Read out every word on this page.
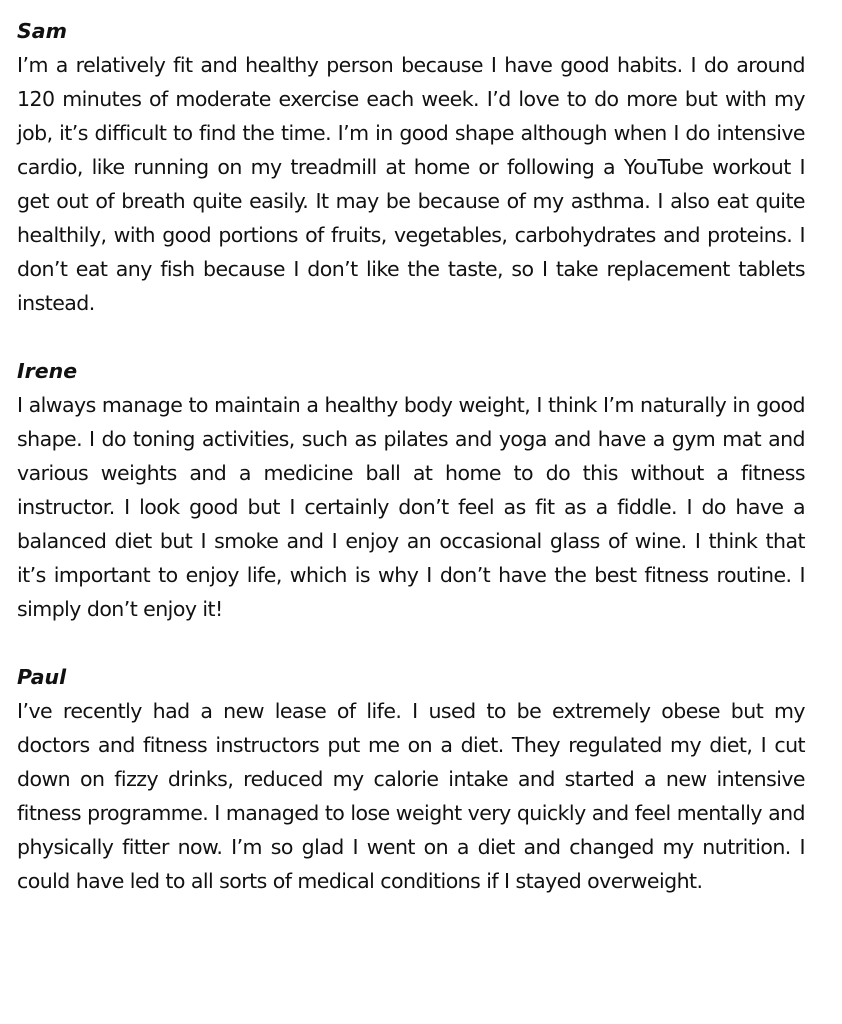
Sam

I’m a relatively fit and healthy person because I have good habits. I do around 120 minutes of moderate exercise each week. I’d love to do more but with my job, it’s difficult to find the time. I’m in good shape although when I do intensive cardio, like running on my treadmill at home or following a YouTube workout I get out of breath quite easily. It may be because of my asthma. I also eat quite healthily, with good portions of fruits, vegetables, carbohydrates and proteins. I don’t eat any fish because I don’t like the taste, so I take replacement tablets instead.

Irene

I always manage to maintain a healthy body weight, I think I’m naturally in good shape. I do toning activities, such as pilates and yoga and have a gym mat and various weights and a medicine ball at home to do this without a fitness instructor. I look good but I certainly don’t feel as fit as a fiddle. I do have a balanced diet but I smoke and I enjoy an occasional glass of wine. I think that it’s important to enjoy life, which is why I don’t have the best fitness routine. I simply don’t enjoy it!

Paul

I’ve recently had a new lease of life. I used to be extremely obese but my doctors and fitness instructors put me on a diet. They regulated my diet, I cut down on fizzy drinks, reduced my calorie intake and started a new intensive fitness programme. I managed to lose weight very quickly and feel mentally and physically fitter now. I’m so glad I went on a diet and changed my nutrition. I could have led to all sorts of medical conditions if I stayed overweight.
